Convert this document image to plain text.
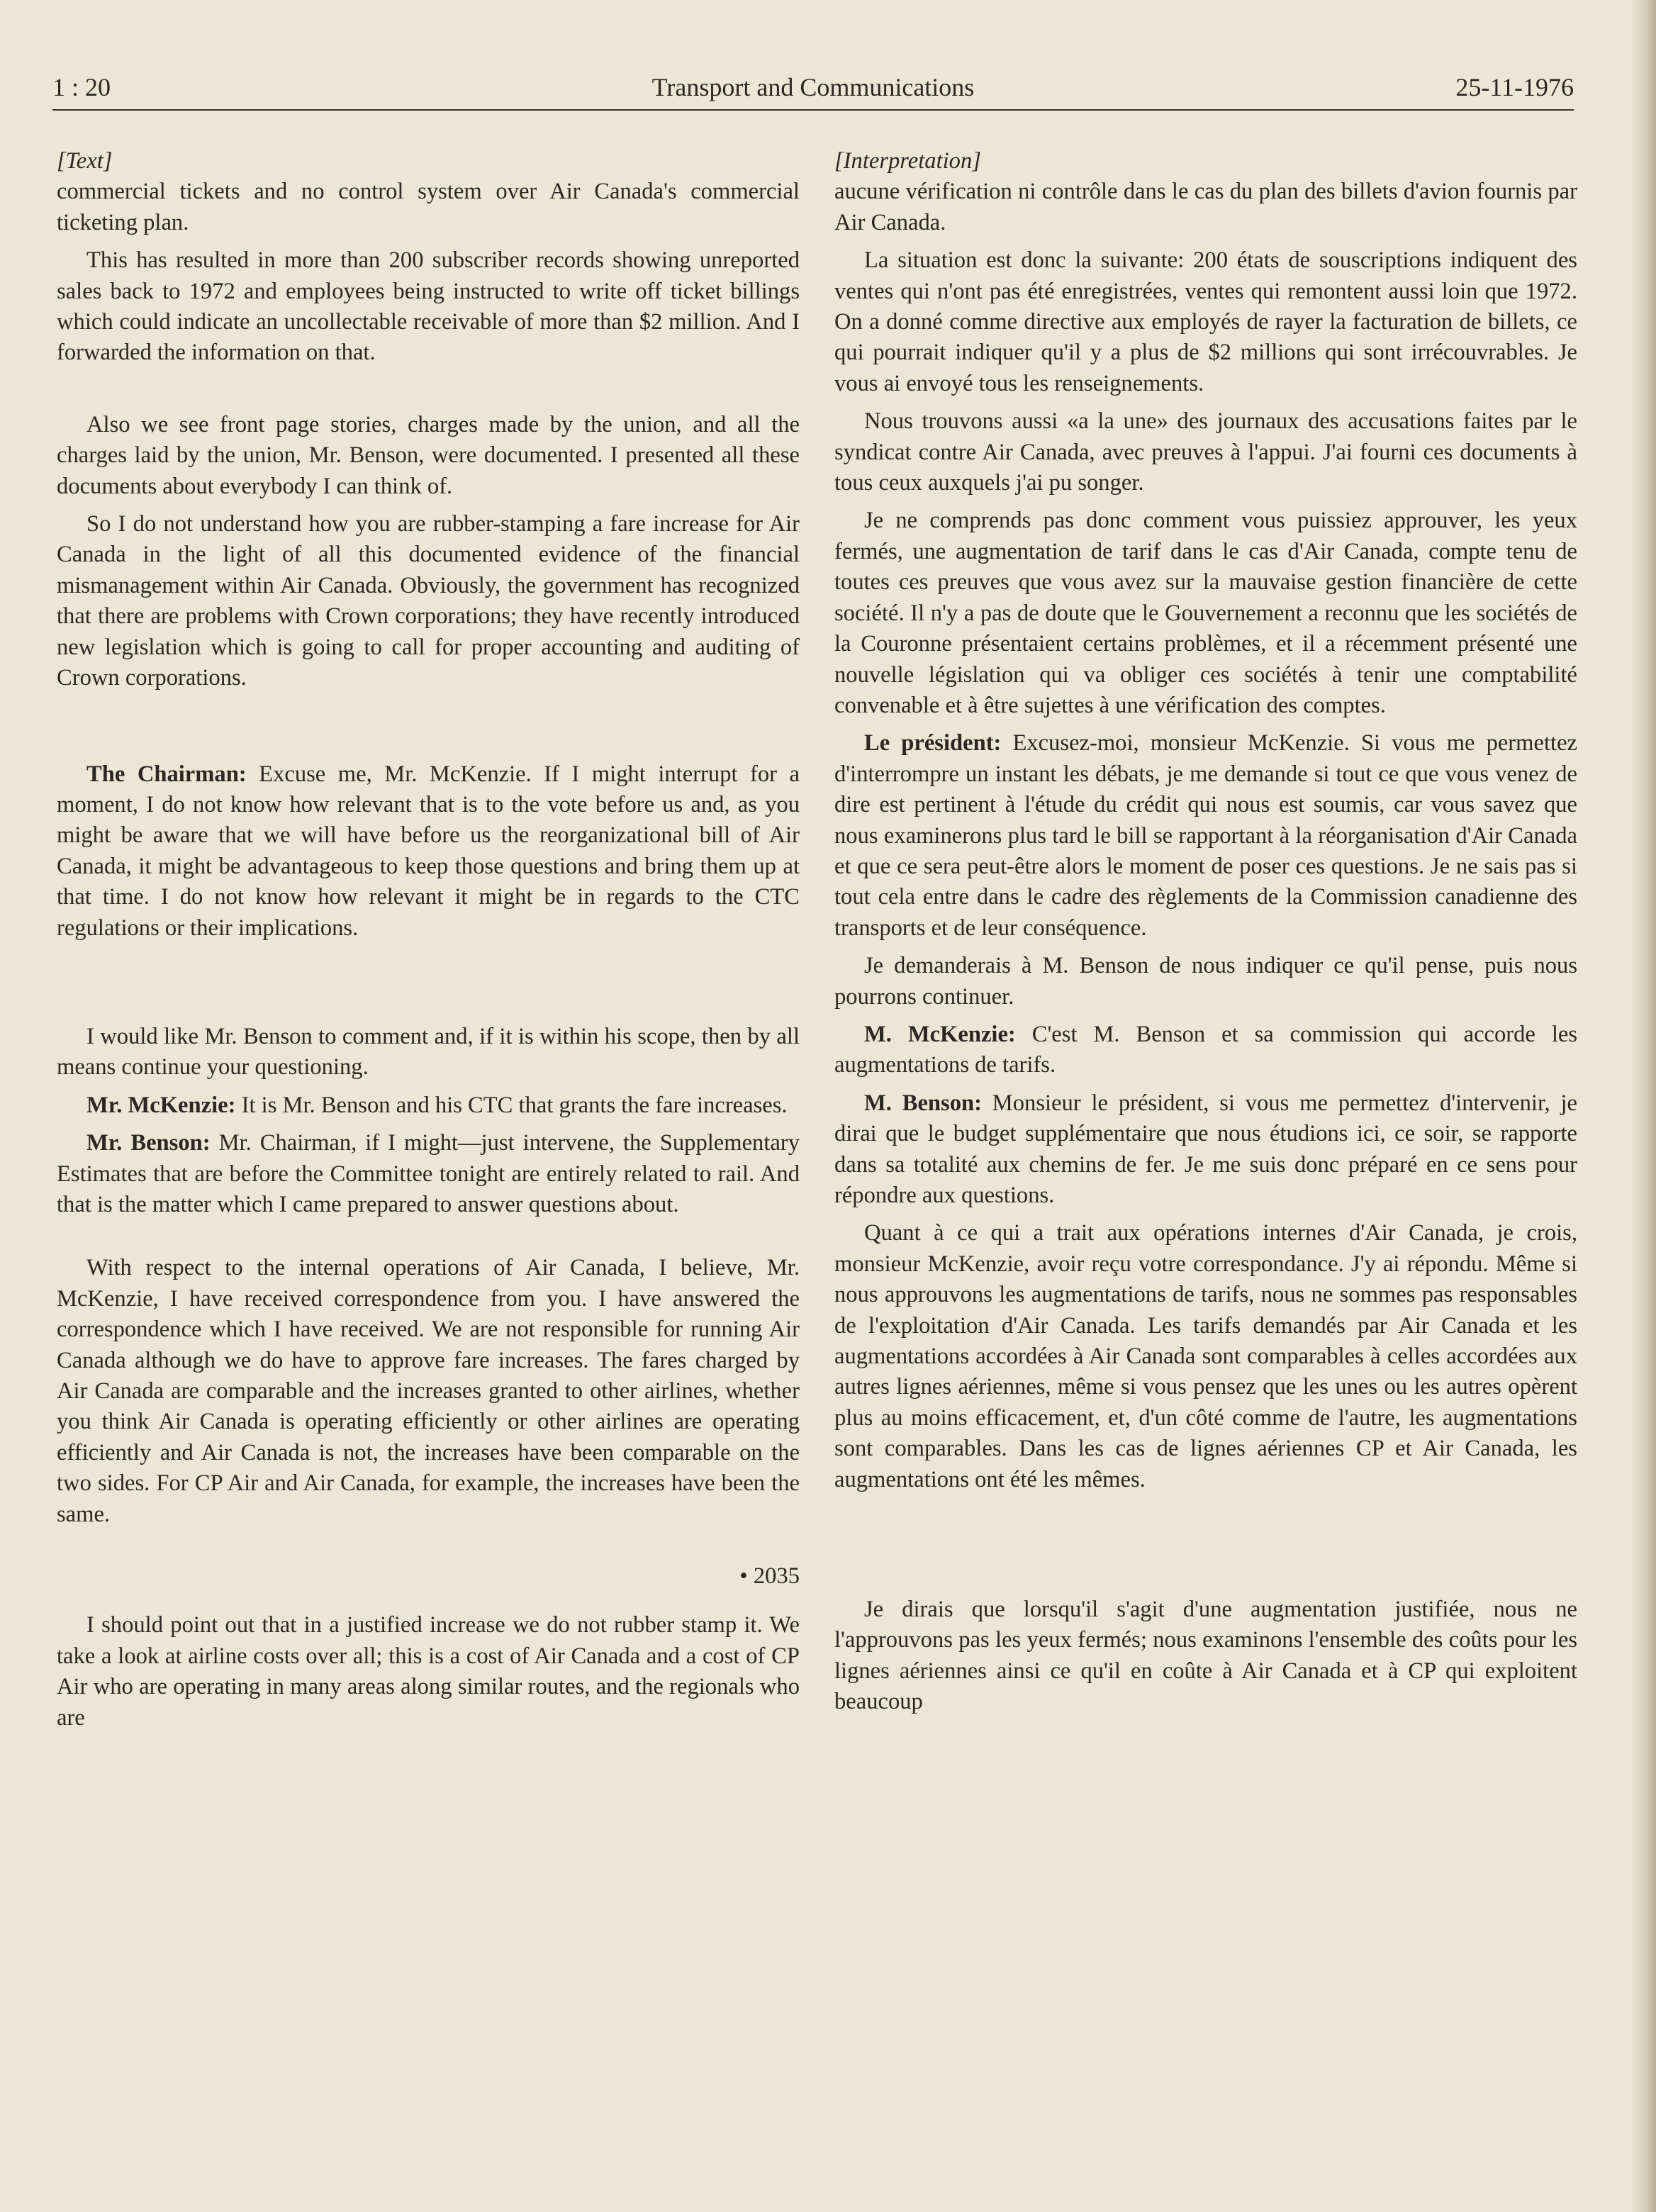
1 : 20	Transport and Communications	25-11-1976

[Text]

commercial tickets and no control system over Air Canada's commercial ticketing plan.

This has resulted in more than 200 subscriber records showing unreported sales back to 1972 and employees being instructed to write off ticket billings which could indicate an uncollectable receivable of more than $2 million. And I forwarded the information on that.

Also we see front page stories, charges made by the union, and all the charges laid by the union, Mr. Benson, were documented. I presented all these documents about everybody I can think of.

So I do not understand how you are rubber-stamping a fare increase for Air Canada in the light of all this documented evidence of the financial mismanagement within Air Canada. Obviously, the government has recognized that there are problems with Crown corporations; they have recently introduced new legislation which is going to call for proper accounting and auditing of Crown corporations.

The Chairman: Excuse me, Mr. McKenzie. If I might interrupt for a moment, I do not know how relevant that is to the vote before us and, as you might be aware that we will have before us the reorganizational bill of Air Canada, it might be advantageous to keep those questions and bring them up at that time. I do not know how relevant it might be in regards to the CTC regulations or their implications.

I would like Mr. Benson to comment and, if it is within his scope, then by all means continue your questioning.

Mr. McKenzie: It is Mr. Benson and his CTC that grants the fare increases.

Mr. Benson: Mr. Chairman, if I might—just intervene, the Supplementary Estimates that are before the Committee tonight are entirely related to rail. And that is the matter which I came prepared to answer questions about.

With respect to the internal operations of Air Canada, I believe, Mr. McKenzie, I have received correspondence from you. I have answered the correspondence which I have received. We are not responsible for running Air Canada although we do have to approve fare increases. The fares charged by Air Canada are comparable and the increases granted to other airlines, whether you think Air Canada is operating efficiently or other airlines are operating efficiently and Air Canada is not, the increases have been comparable on the two sides. For CP Air and Air Canada, for example, the increases have been the same.

• 2035

I should point out that in a justified increase we do not rubber stamp it. We take a look at airline costs over all; this is a cost of Air Canada and a cost of CP Air who are operating in many areas along similar routes, and the regionals who are

[Interpretation]

aucune vérification ni contrôle dans le cas du plan des billets d'avion fournis par Air Canada.

La situation est donc la suivante: 200 états de souscriptions indiquent des ventes qui n'ont pas été enregistrées, ventes qui remontent aussi loin que 1972. On a donné comme directive aux employés de rayer la facturation de billets, ce qui pourrait indiquer qu'il y a plus de $2 millions qui sont irrécouvrables. Je vous ai envoyé tous les renseignements.

Nous trouvons aussi «a la une» des journaux des accusations faites par le syndicat contre Air Canada, avec preuves à l'appui. J'ai fourni ces documents à tous ceux auxquels j'ai pu songer.

Je ne comprends pas donc comment vous puissiez approuver, les yeux fermés, une augmentation de tarif dans le cas d'Air Canada, compte tenu de toutes ces preuves que vous avez sur la mauvaise gestion financière de cette société. Il n'y a pas de doute que le Gouvernement a reconnu que les sociétés de la Couronne présentaient certains problèmes, et il a récemment présenté une nouvelle législation qui va obliger ces sociétés à tenir une comptabilité convenable et à être sujettes à une vérification des comptes.

Le président: Excusez-moi, monsieur McKenzie. Si vous me permettez d'interrompre un instant les débats, je me demande si tout ce que vous venez de dire est pertinent à l'étude du crédit qui nous est soumis, car vous savez que nous examinerons plus tard le bill se rapportant à la réorganisation d'Air Canada et que ce sera peut-être alors le moment de poser ces questions. Je ne sais pas si tout cela entre dans le cadre des règlements de la Commission canadienne des transports et de leur conséquence.

Je demanderais à M. Benson de nous indiquer ce qu'il pense, puis nous pourrons continuer.

M. McKenzie: C'est M. Benson et sa commission qui accorde les augmentations de tarifs.

M. Benson: Monsieur le président, si vous me permettez d'intervenir, je dirai que le budget supplémentaire que nous étudions ici, ce soir, se rapporte dans sa totalité aux chemins de fer. Je me suis donc préparé en ce sens pour répondre aux questions.

Quant à ce qui a trait aux opérations internes d'Air Canada, je crois, monsieur McKenzie, avoir reçu votre correspondance. J'y ai répondu. Même si nous approuvons les augmentations de tarifs, nous ne sommes pas responsables de l'exploitation d'Air Canada. Les tarifs demandés par Air Canada et les augmentations accordées à Air Canada sont comparables à celles accordées aux autres lignes aériennes, même si vous pensez que les unes ou les autres opèrent plus au moins efficacement, et, d'un côté comme de l'autre, les augmentations sont comparables. Dans les cas de lignes aériennes CP et Air Canada, les augmentations ont été les mêmes.

Je dirais que lorsqu'il s'agit d'une augmentation justifiée, nous ne l'approuvons pas les yeux fermés; nous examinons l'ensemble des coûts pour les lignes aériennes ainsi ce qu'il en coûte à Air Canada et à CP qui exploitent beaucoup
